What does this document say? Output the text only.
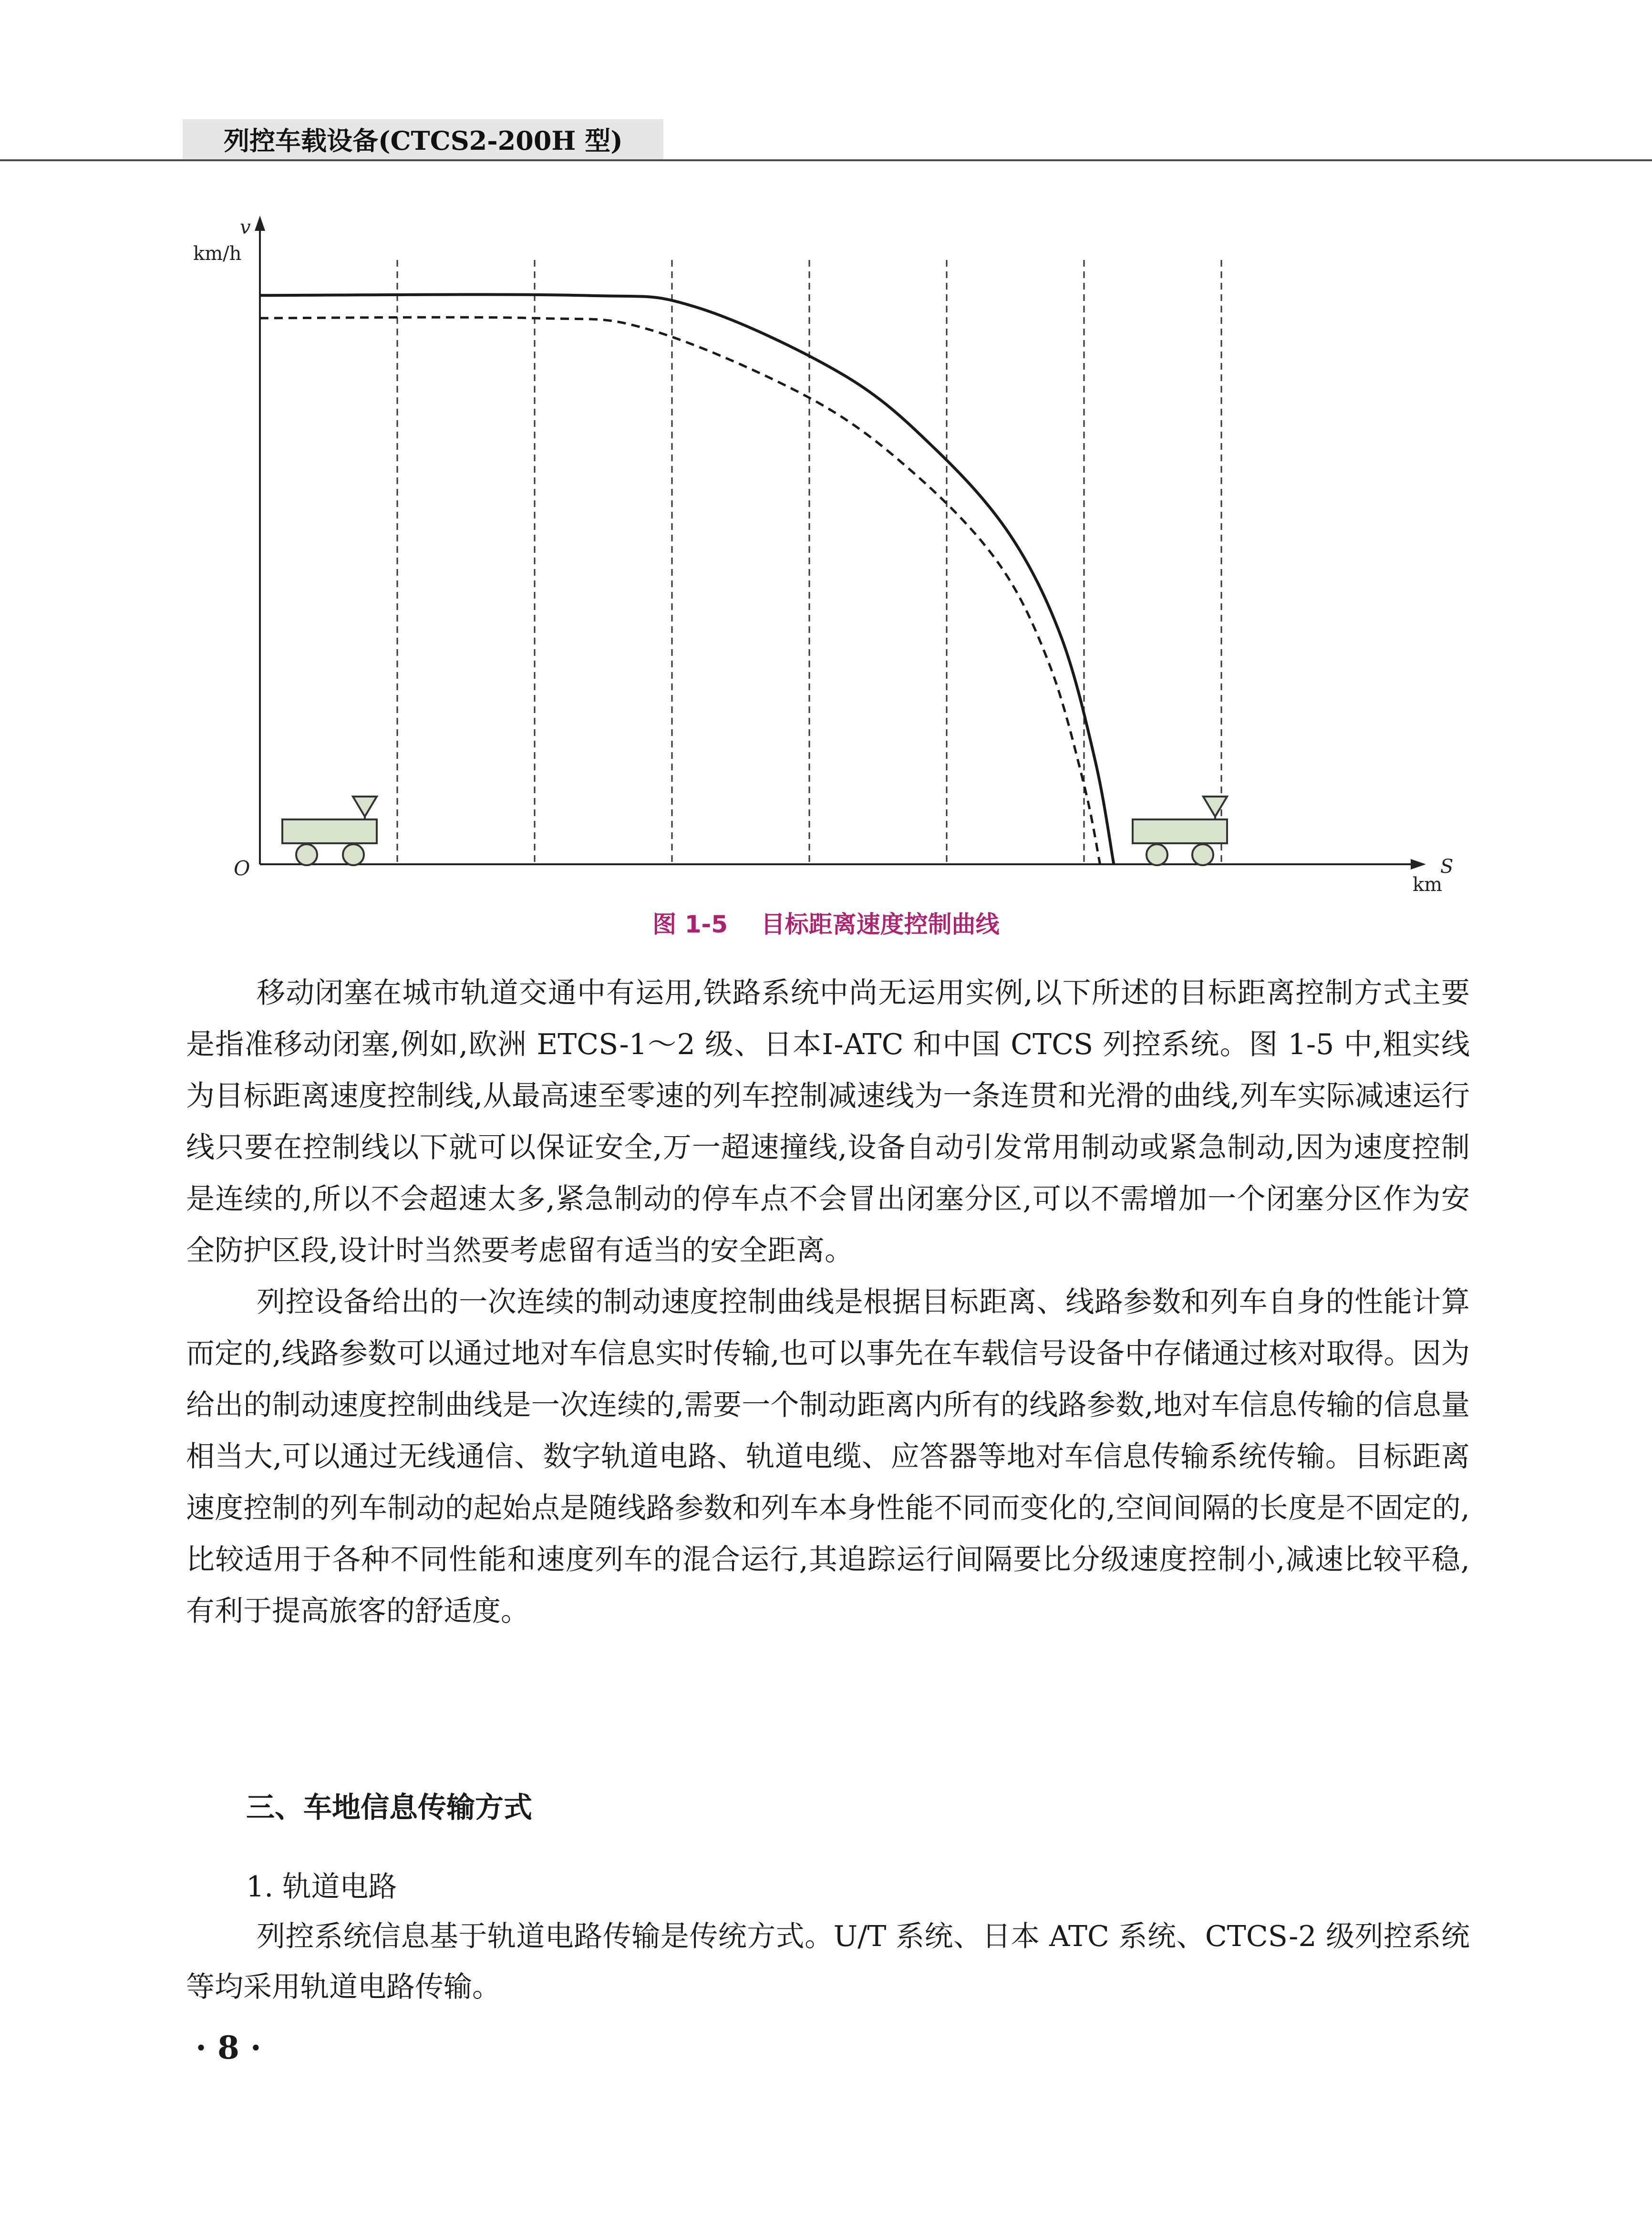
列控车载设备(CTCS2-200H 型)
v
km/h
S
km
O
图 1-5 目标距离速度控制曲线

移动闭塞在城市轨道交通中有运用,铁路系统中尚无运用实例,以下所述的目标距离控制方式主要是指准移动闭塞,例如,欧洲 ETCS-1～2 级、日本Ⅰ-ATC 和中国 CTCS 列控系统。图 1-5 中,粗实线为目标距离速度控制线,从最高速至零速的列车控制减速线为一条连贯和光滑的曲线,列车实际减速运行线只要在控制线以下就可以保证安全,万一超速撞线,设备自动引发常用制动或紧急制动,因为速度控制是连续的,所以不会超速太多,紧急制动的停车点不会冒出闭塞分区,可以不需增加一个闭塞分区作为安全防护区段,设计时当然要考虑留有适当的安全距离。

列控设备给出的一次连续的制动速度控制曲线是根据目标距离、线路参数和列车自身的性能计算而定的,线路参数可以通过地对车信息实时传输,也可以事先在车载信号设备中存储通过核对取得。因为给出的制动速度控制曲线是一次连续的,需要一个制动距离内所有的线路参数,地对车信息传输的信息量相当大,可以通过无线通信、数字轨道电路、轨道电缆、应答器等地对车信息传输系统传输。目标距离速度控制的列车制动的起始点是随线路参数和列车本身性能不同而变化的,空间间隔的长度是不固定的,比较适用于各种不同性能和速度列车的混合运行,其追踪运行间隔要比分级速度控制小,减速比较平稳,有利于提高旅客的舒适度。

三、车地信息传输方式
1. 轨道电路

列控系统信息基于轨道电路传输是传统方式。U/T 系统、日本 ATC 系统、CTCS-2 级列控系统等均采用轨道电路传输。

· 8 ·
